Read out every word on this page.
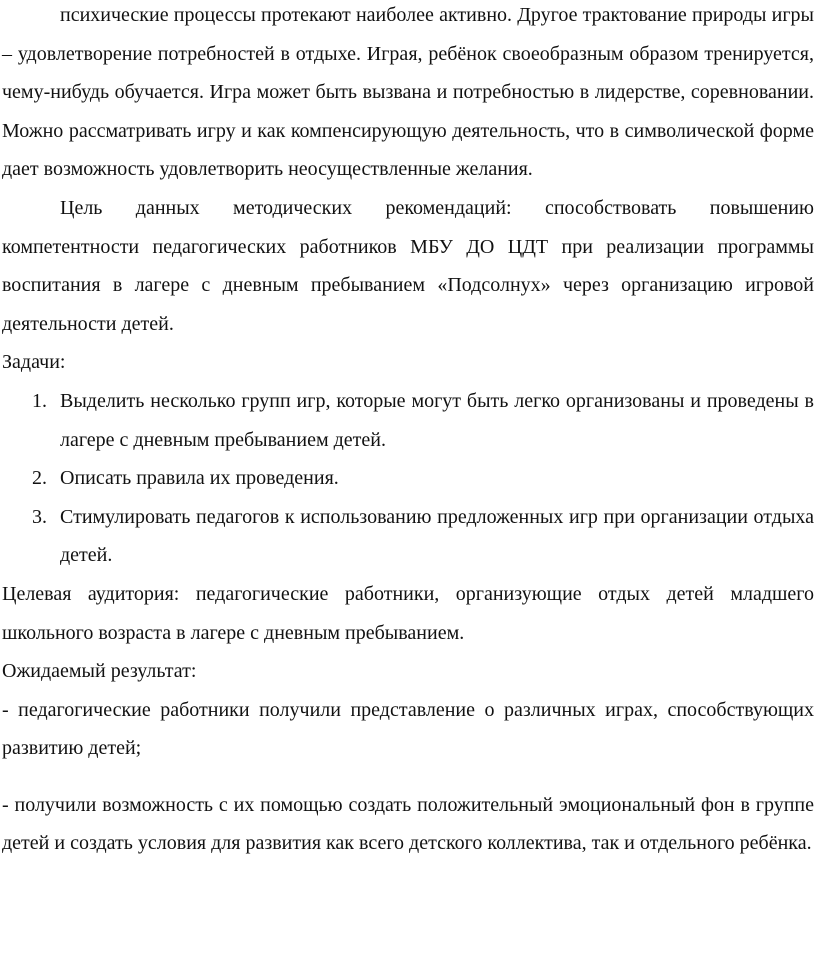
психические процессы протекают наиболее активно. Другое трактование природы игры – удовлетворение потребностей в отдыхе. Играя, ребёнок своеобразным образом тренируется, чему-нибудь обучается. Игра может быть вызвана и потребностью в лидерстве, соревновании. Можно рассматривать игру и как компенсирующую деятельность, что в символической форме дает возможность удовлетворить неосуществленные желания.

Цель данных методических рекомендаций: способствовать повышению компетентности педагогических работников МБУ ДО ЦДТ при реализации программы воспитания в лагере с дневным пребыванием «Подсолнух» через организацию игровой деятельности детей.

Задачи:

1. Выделить несколько групп игр, которые могут быть легко организованы и проведены в лагере с дневным пребыванием детей.
2. Описать правила их проведения.
3. Стимулировать педагогов к использованию предложенных игр при организации отдыха детей.

Целевая аудитория: педагогические работники, организующие отдых детей младшего школьного возраста в лагере с дневным пребыванием.

Ожидаемый результат:

- педагогические работники получили представление о различных играх, способствующих развитию детей;

- получили возможность с их помощью создать положительный эмоциональный фон в группе детей и создать условия для развития как всего детского коллектива, так и отдельного ребёнка.
